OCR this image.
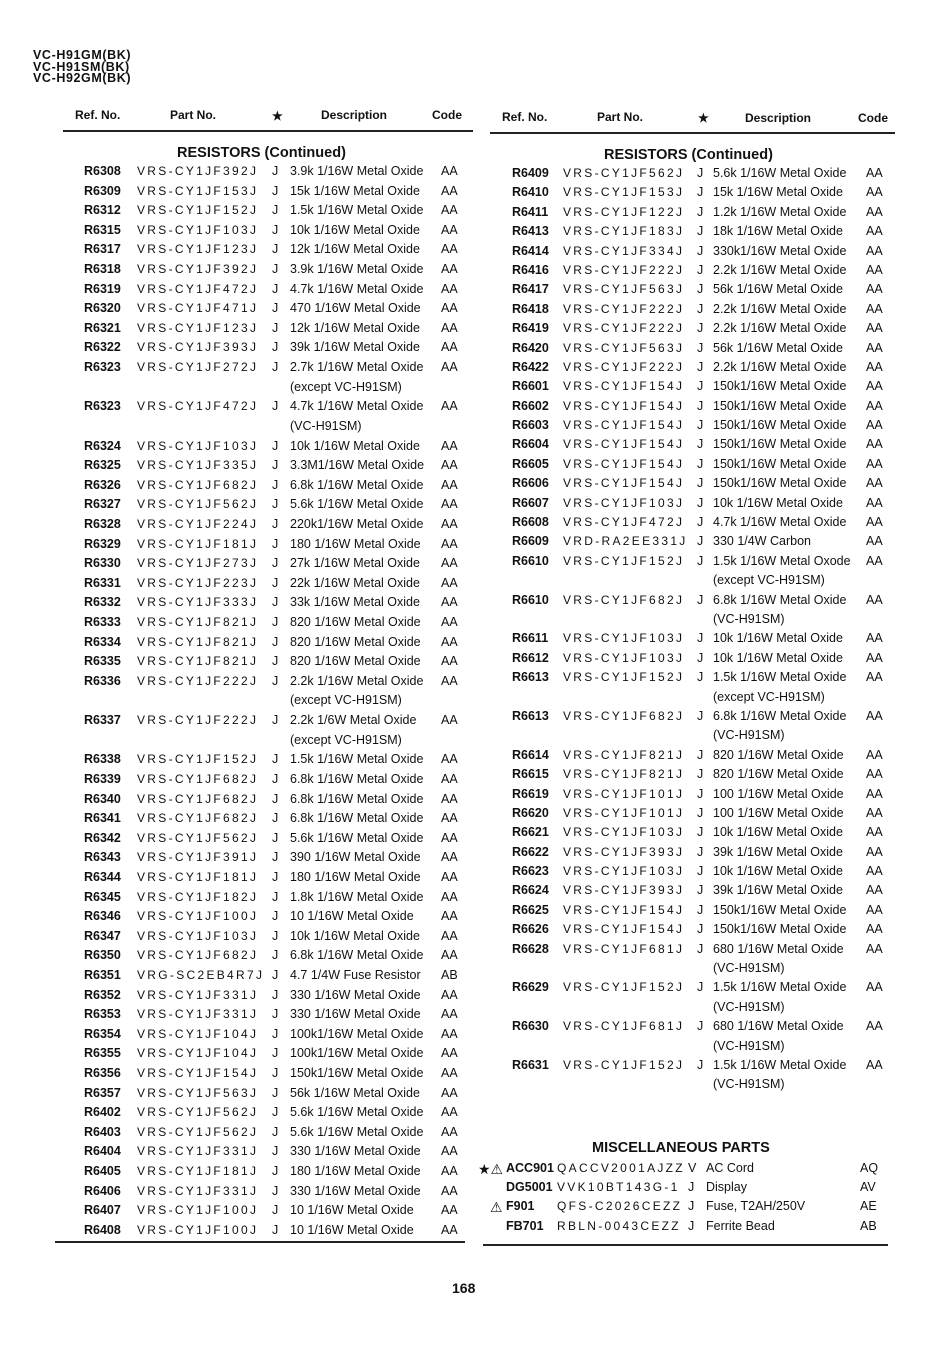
VC-H91GM(BK)
VC-H91SM(BK)
VC-H92GM(BK)
Ref. No.	Part No.	★	Description	Code	Ref. No.	Part No.	★	Description	Code
RESISTORS (Continued)	RESISTORS (Continued)
R6308 VRS-CY1JF392J J 3.9k 1/16W Metal Oxide AA
R6309 VRS-CY1JF153J J 15k 1/16W Metal Oxide AA
R6312 VRS-CY1JF152J J 1.5k 1/16W Metal Oxide AA
R6315 VRS-CY1JF103J J 10k 1/16W Metal Oxide AA
R6317 VRS-CY1JF123J J 12k 1/16W Metal Oxide AA
R6318 VRS-CY1JF392J J 3.9k 1/16W Metal Oxide AA
R6319 VRS-CY1JF472J J 4.7k 1/16W Metal Oxide AA
R6320 VRS-CY1JF471J J 470 1/16W Metal Oxide AA
R6321 VRS-CY1JF123J J 12k 1/16W Metal Oxide AA
R6322 VRS-CY1JF393J J 39k 1/16W Metal Oxide AA
R6323 VRS-CY1JF272J J 2.7k 1/16W Metal Oxide AA
(except VC-H91SM)
R6323 VRS-CY1JF472J J 4.7k 1/16W Metal Oxide AA
(VC-H91SM)
R6324 VRS-CY1JF103J J 10k 1/16W Metal Oxide AA
R6325 VRS-CY1JF335J J 3.3M1/16W Metal Oxide AA
R6326 VRS-CY1JF682J J 6.8k 1/16W Metal Oxide AA
R6327 VRS-CY1JF562J J 5.6k 1/16W Metal Oxide AA
R6328 VRS-CY1JF224J J 220k1/16W Metal Oxide AA
R6329 VRS-CY1JF181J J 180 1/16W Metal Oxide AA
R6330 VRS-CY1JF273J J 27k 1/16W Metal Oxide AA
R6331 VRS-CY1JF223J J 22k 1/16W Metal Oxide AA
R6332 VRS-CY1JF333J J 33k 1/16W Metal Oxide AA
R6333 VRS-CY1JF821J J 820 1/16W Metal Oxide AA
R6334 VRS-CY1JF821J J 820 1/16W Metal Oxide AA
R6335 VRS-CY1JF821J J 820 1/16W Metal Oxide AA
R6336 VRS-CY1JF222J J 2.2k 1/16W Metal Oxide AA
(except VC-H91SM)
R6337 VRS-CY1JF222J J 2.2k 1/6W Metal Oxide AA
(except VC-H91SM)
R6338 VRS-CY1JF152J J 1.5k 1/16W Metal Oxide AA
R6339 VRS-CY1JF682J J 6.8k 1/16W Metal Oxide AA
R6340 VRS-CY1JF682J J 6.8k 1/16W Metal Oxide AA
R6341 VRS-CY1JF682J J 6.8k 1/16W Metal Oxide AA
R6342 VRS-CY1JF562J J 5.6k 1/16W Metal Oxide AA
R6343 VRS-CY1JF391J J 390 1/16W Metal Oxide AA
R6344 VRS-CY1JF181J J 180 1/16W Metal Oxide AA
R6345 VRS-CY1JF182J J 1.8k 1/16W Metal Oxide AA
R6346 VRS-CY1JF100J J 10 1/16W Metal Oxide AA
R6347 VRS-CY1JF103J J 10k 1/16W Metal Oxide AA
R6350 VRS-CY1JF682J J 6.8k 1/16W Metal Oxide AA
R6351 VRG-SC2EB4R7J J 4.7 1/4W Fuse Resistor AB
R6352 VRS-CY1JF331J J 330 1/16W Metal Oxide AA
R6353 VRS-CY1JF331J J 330 1/16W Metal Oxide AA
R6354 VRS-CY1JF104J J 100k1/16W Metal Oxide AA
R6355 VRS-CY1JF104J J 100k1/16W Metal Oxide AA
R6356 VRS-CY1JF154J J 150k1/16W Metal Oxide AA
R6357 VRS-CY1JF563J J 56k 1/16W Metal Oxide AA
R6402 VRS-CY1JF562J J 5.6k 1/16W Metal Oxide AA
R6403 VRS-CY1JF562J J 5.6k 1/16W Metal Oxide AA
R6404 VRS-CY1JF331J J 330 1/16W Metal Oxide AA
R6405 VRS-CY1JF181J J 180 1/16W Metal Oxide AA
R6406 VRS-CY1JF331J J 330 1/16W Metal Oxide AA
R6407 VRS-CY1JF100J J 10 1/16W Metal Oxide AA
R6408 VRS-CY1JF100J J 10 1/16W Metal Oxide AA
R6409 VRS-CY1JF562J J 5.6k 1/16W Metal Oxide AA
R6410 VRS-CY1JF153J J 15k 1/16W Metal Oxide AA
R6411 VRS-CY1JF122J J 1.2k 1/16W Metal Oxide AA
R6413 VRS-CY1JF183J J 18k 1/16W Metal Oxide AA
R6414 VRS-CY1JF334J J 330k1/16W Metal Oxide AA
R6416 VRS-CY1JF222J J 2.2k 1/16W Metal Oxide AA
R6417 VRS-CY1JF563J J 56k 1/16W Metal Oxide AA
R6418 VRS-CY1JF222J J 2.2k 1/16W Metal Oxide AA
R6419 VRS-CY1JF222J J 2.2k 1/16W Metal Oxide AA
R6420 VRS-CY1JF563J J 56k 1/16W Metal Oxide AA
R6422 VRS-CY1JF222J J 2.2k 1/16W Metal Oxide AA
R6601 VRS-CY1JF154J J 150k1/16W Metal Oxide AA
R6602 VRS-CY1JF154J J 150k1/16W Metal Oxide AA
R6603 VRS-CY1JF154J J 150k1/16W Metal Oxide AA
R6604 VRS-CY1JF154J J 150k1/16W Metal Oxide AA
R6605 VRS-CY1JF154J J 150k1/16W Metal Oxide AA
R6606 VRS-CY1JF154J J 150k1/16W Metal Oxide AA
R6607 VRS-CY1JF103J J 10k 1/16W Metal Oxide AA
R6608 VRS-CY1JF472J J 4.7k 1/16W Metal Oxide AA
R6609 VRD-RA2EE331J J 330 1/4W Carbon	AA
R6610 VRS-CY1JF152J J 1.5k 1/16W Metal Oxode AA
(except VC-H91SM)
R6610 VRS-CY1JF682J J 6.8k 1/16W Metal Oxide AA
(VC-H91SM)
R6611 VRS-CY1JF103J J 10k 1/16W Metal Oxide AA
R6612 VRS-CY1JF103J J 10k 1/16W Metal Oxide AA
R6613 VRS-CY1JF152J J 1.5k 1/16W Metal Oxide AA
(except VC-H91SM)
R6613 VRS-CY1JF682J J 6.8k 1/16W Metal Oxide AA
(VC-H91SM)
R6614 VRS-CY1JF821J J 820 1/16W Metal Oxide AA
R6615 VRS-CY1JF821J J 820 1/16W Metal Oxide AA
R6619 VRS-CY1JF101J J 100 1/16W Metal Oxide AA
R6620 VRS-CY1JF101J J 100 1/16W Metal Oxide AA
R6621 VRS-CY1JF103J J 10k 1/16W Metal Oxide AA
R6622 VRS-CY1JF393J J 39k 1/16W Metal Oxide AA
R6623 VRS-CY1JF103J J 10k 1/16W Metal Oxide AA
R6624 VRS-CY1JF393J J 39k 1/16W Metal Oxide AA
R6625 VRS-CY1JF154J J 150k1/16W Metal Oxide AA
R6626 VRS-CY1JF154J J 150k1/16W Metal Oxide AA
R6628 VRS-CY1JF681J J 680 1/16W Metal Oxide AA
(VC-H91SM)
R6629 VRS-CY1JF152J J 1.5k 1/16W Metal Oxide AA
(VC-H91SM)
R6630 VRS-CY1JF681J J 680 1/16W Metal Oxide AA
(VC-H91SM)
R6631 VRS-CY1JF152J J 1.5k 1/16W Metal Oxide AA
(VC-H91SM)
MISCELLANEOUS PARTS
★⚠ ACC901 QACCV2001AJZZ V AC Cord	AQ
DG5001 VVK10BT143G-1 J Display	AV
⚠ F901 QFS-C2026CEZZ J Fuse, T2AH/250V	AE
FB701 RBLN-0043CEZZ J Ferrite Bead	AB
168
